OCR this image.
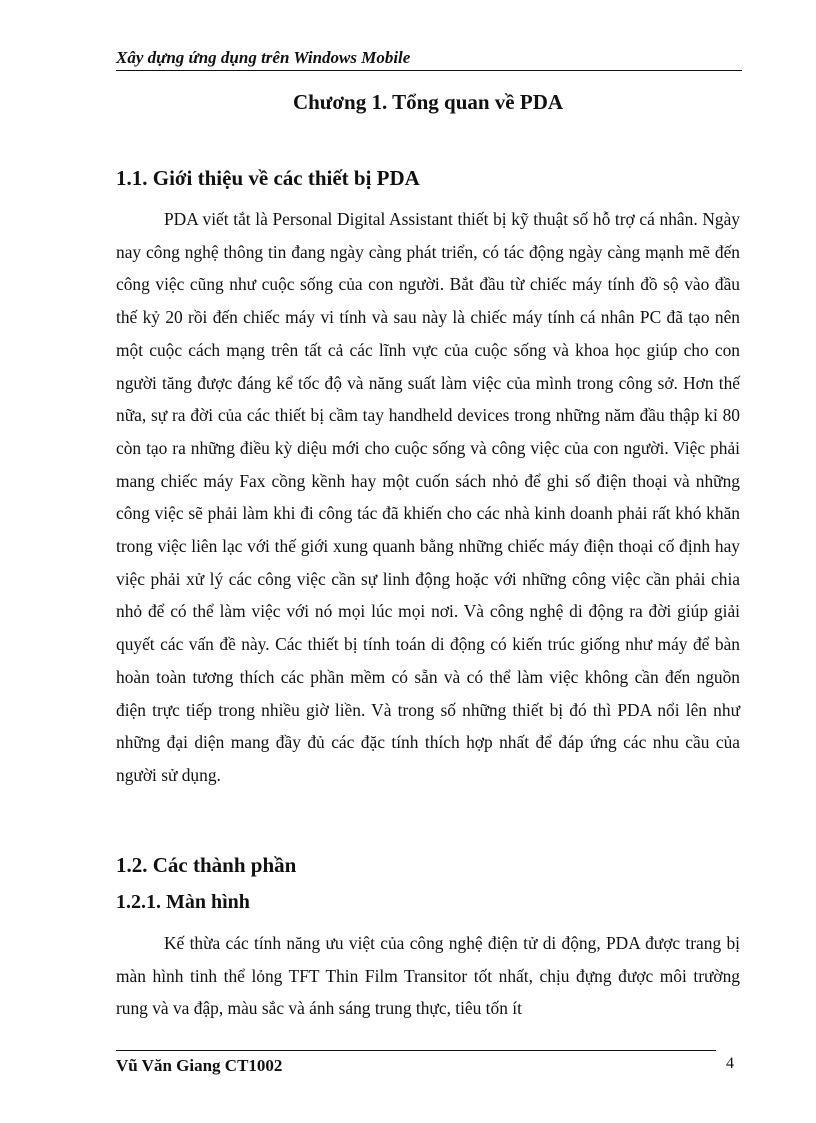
Xây dựng ứng dụng trên Windows Mobile
Chương 1. Tổng quan về PDA
1.1. Giới thiệu về các thiết bị PDA
PDA viết tắt là Personal Digital Assistant thiết bị kỹ thuật số hỗ trợ cá nhân. Ngày nay công nghệ thông tin đang ngày càng phát triển, có tác động ngày càng mạnh mẽ đến công việc cũng như cuộc sống của con người. Bắt đầu từ chiếc máy tính đồ sộ vào đầu thế kỷ 20 rồi đến chiếc máy vi tính và sau này là chiếc máy tính cá nhân PC đã tạo nên một cuộc cách mạng trên tất cả các lĩnh vực của cuộc sống và khoa học giúp cho con người tăng được đáng kể tốc độ và năng suất làm việc của mình trong công sở. Hơn thế nữa, sự ra đời của các thiết bị cầm tay handheld devices trong những năm đầu thập kỉ 80 còn tạo ra những điều kỳ diệu mới cho cuộc sống và công việc của con người. Việc phải mang chiếc máy Fax cồng kềnh hay một cuốn sách nhỏ để ghi số điện thoại và những công việc sẽ phải làm khi đi công tác đã khiến cho các nhà kinh doanh phải rất khó khăn trong việc liên lạc với thế giới xung quanh bằng những chiếc máy điện thoại cố định hay việc phải xử lý các công việc cần sự linh động hoặc với những công việc cần phải chia nhỏ để có thể làm việc với nó mọi lúc mọi nơi. Và công nghệ di động ra đời giúp giải quyết các vấn đề này. Các thiết bị tính toán di động có kiến trúc giống như máy để bàn hoàn toàn tương thích các phần mềm có sẵn và có thể làm việc không cần đến nguồn điện trực tiếp trong nhiều giờ liền. Và trong số những thiết bị đó thì PDA nổi lên như những đại diện mang đầy đủ các đặc tính thích hợp nhất để đáp ứng các nhu cầu của người sử dụng.
1.2. Các thành phần
1.2.1. Màn hình
Kế thừa các tính năng ưu việt của công nghệ điện tử di động, PDA được trang bị màn hình tinh thể lỏng TFT Thin Film Transitor tốt nhất, chịu đựng được môi trường rung và va đập, màu sắc và ánh sáng trung thực, tiêu tốn ít
Vũ Văn Giang CT1002	4
